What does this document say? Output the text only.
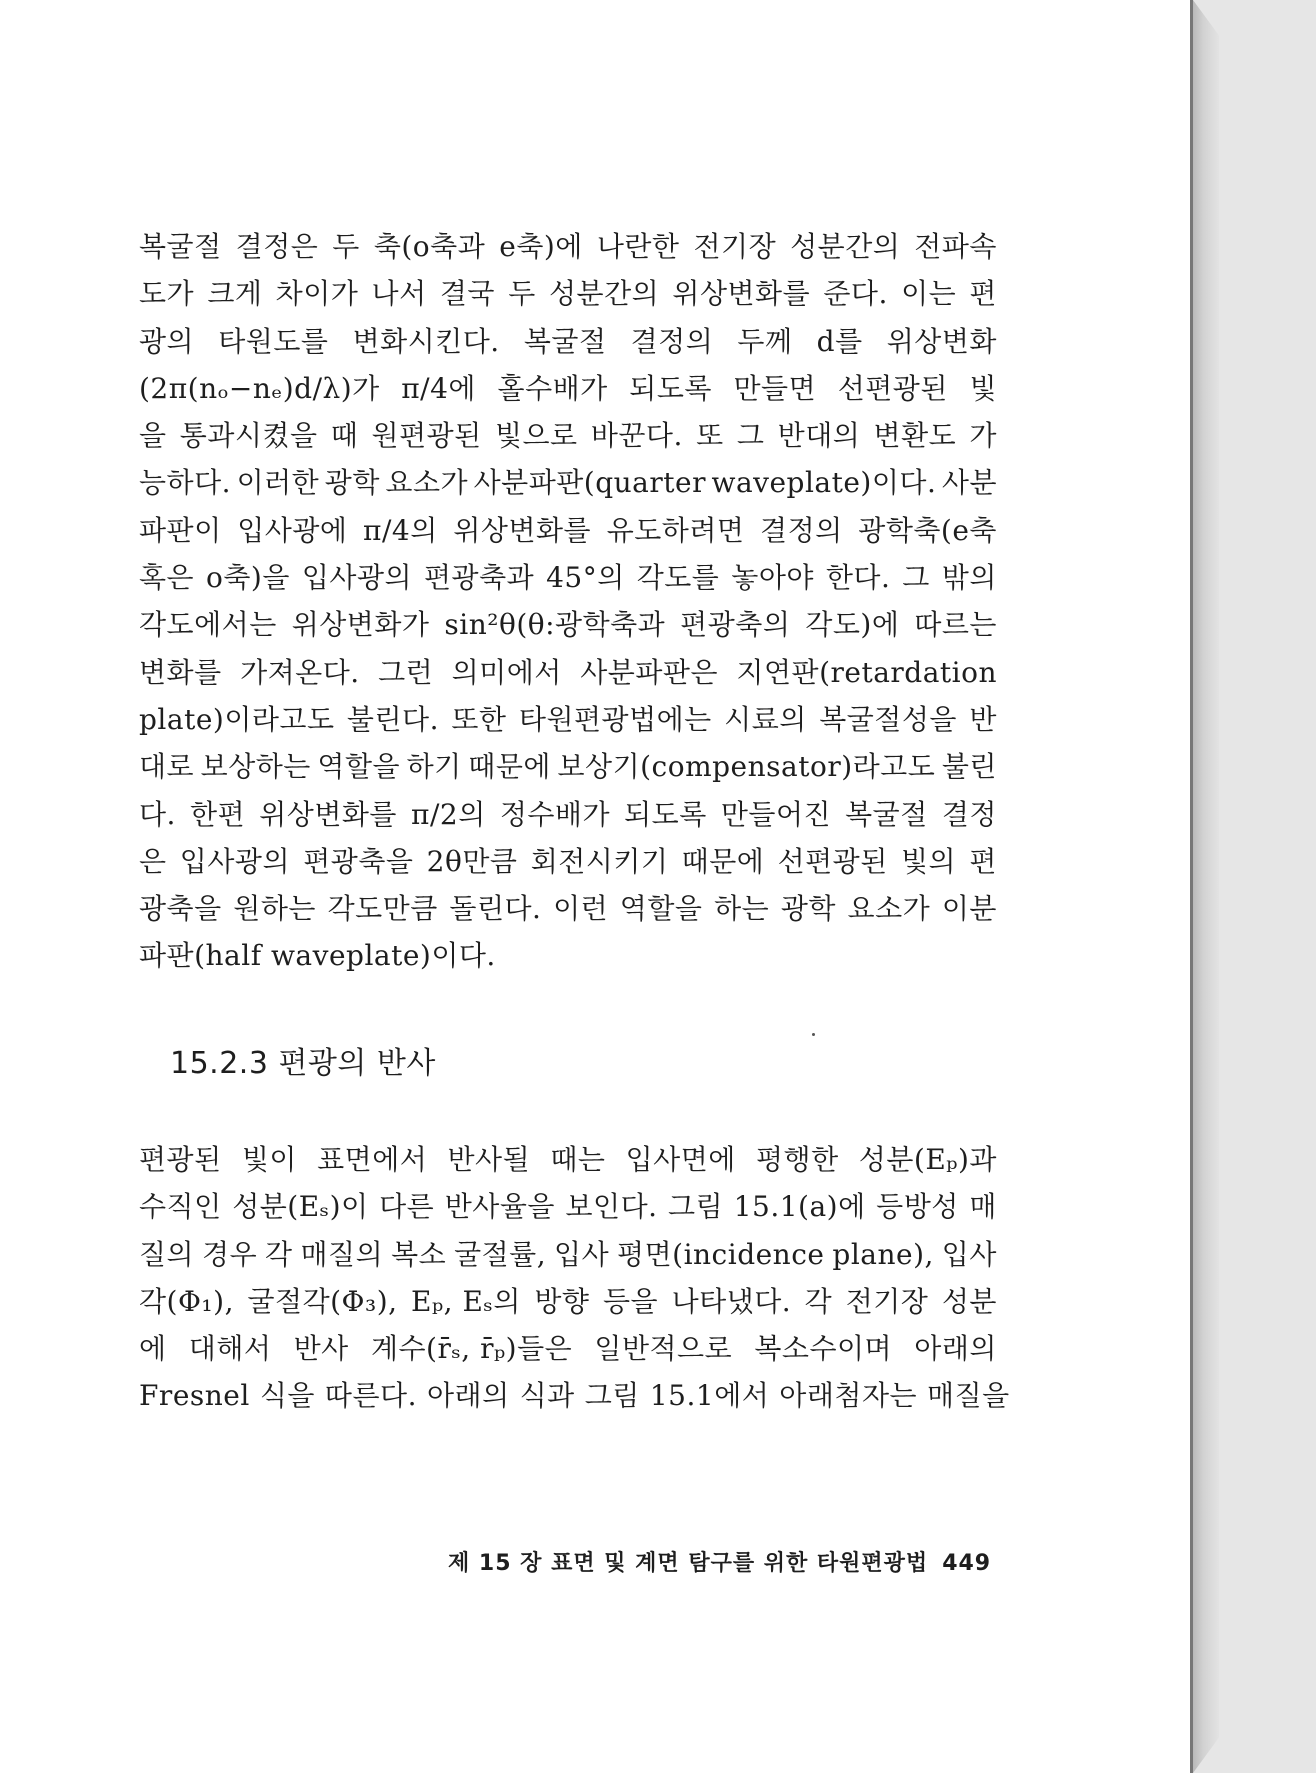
복굴절 결정은 두 축(o축과 e축)에 나란한 전기장 성분간의 전파속
도가 크게 차이가 나서 결국 두 성분간의 위상변화를 준다. 이는 편
광의 타원도를 변화시킨다. 복굴절 결정의 두께 d를 위상변화
(2π(nₒ−nₑ)d/λ)가 π/4에 홀수배가 되도록 만들면 선편광된 빛
을 통과시켰을 때 원편광된 빛으로 바꾼다. 또 그 반대의 변환도 가
능하다. 이러한 광학 요소가 사분파판(quarter waveplate)이다. 사분
파판이 입사광에 π/4의 위상변화를 유도하려면 결정의 광학축(e축
혹은 o축)을 입사광의 편광축과 45°의 각도를 놓아야 한다. 그 밖의
각도에서는 위상변화가 sin²θ(θ:광학축과 편광축의 각도)에 따르는
변화를 가져온다. 그런 의미에서 사분파판은 지연판(retardation
plate)이라고도 불린다. 또한 타원편광법에는 시료의 복굴절성을 반
대로 보상하는 역할을 하기 때문에 보상기(compensator)라고도 불린
다. 한편 위상변화를 π/2의 정수배가 되도록 만들어진 복굴절 결정
은 입사광의 편광축을 2θ만큼 회전시키기 때문에 선편광된 빛의 편
광축을 원하는 각도만큼 돌린다. 이런 역할을 하는 광학 요소가 이분
파판(half waveplate)이다.
15.2.3 편광의 반사
편광된 빛이 표면에서 반사될 때는 입사면에 평행한 성분(Eₚ)과
수직인 성분(Eₛ)이 다른 반사율을 보인다. 그림 15.1(a)에 등방성 매
질의 경우 각 매질의 복소 굴절률, 입사 평면(incidence plane), 입사
각(Φ₁), 굴절각(Φ₃), Eₚ, Eₛ의 방향 등을 나타냈다. 각 전기장 성분
에 대해서 반사 계수(r̄ₛ, r̄ₚ)들은 일반적으로 복소수이며 아래의
Fresnel 식을 따른다. 아래의 식과 그림 15.1에서 아래첨자는 매질을
제 15 장 표면 및 계면 탐구를 위한 타원편광법 449
